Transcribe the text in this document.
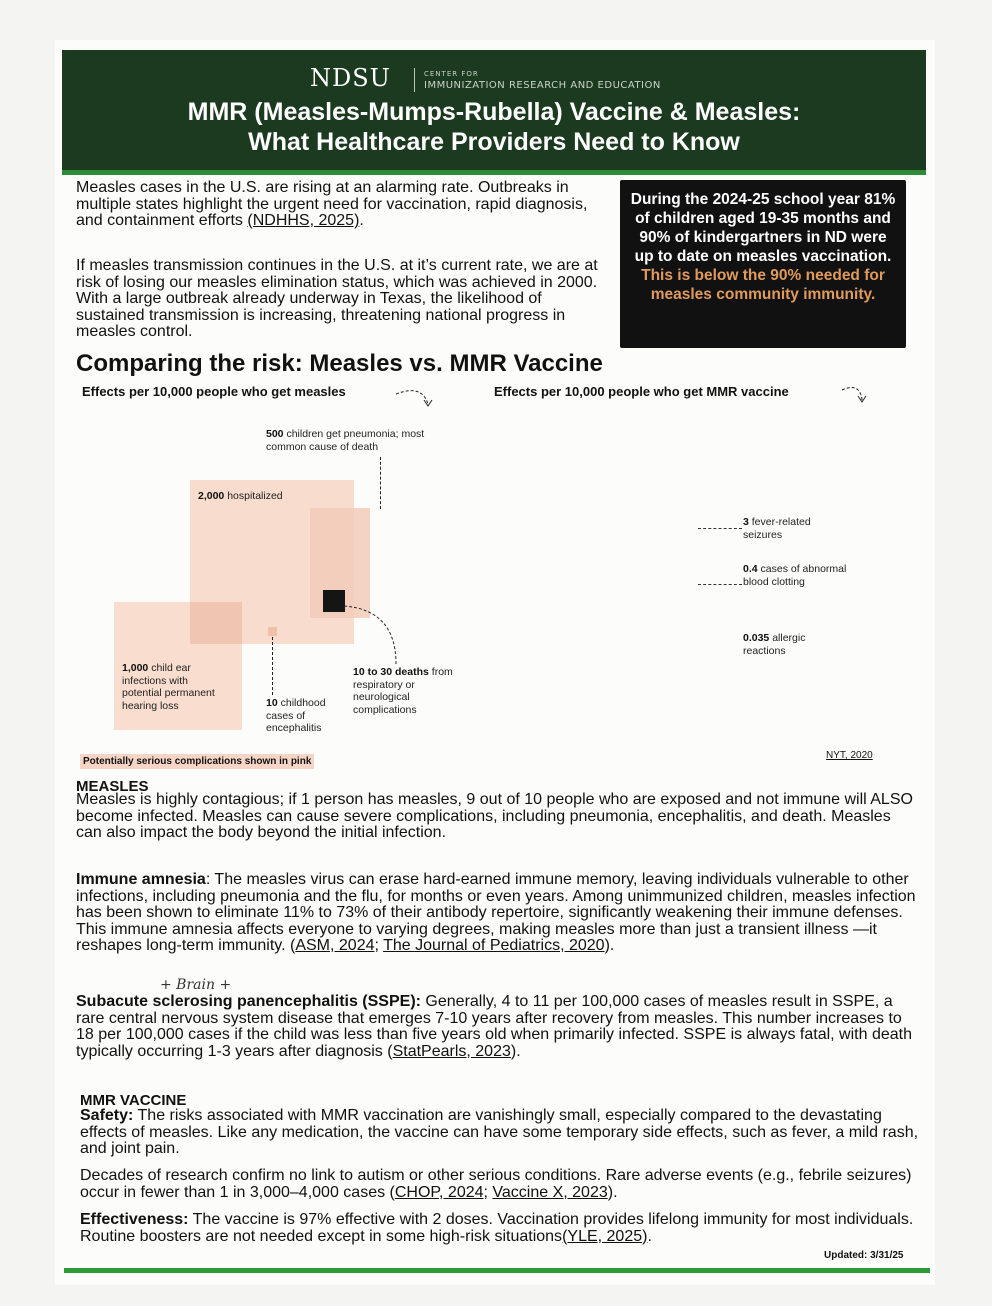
NDSU	CENTER FOR
IMMUNIZATION RESEARCH AND EDUCATION
MMR (Measles-Mumps-Rubella) Vaccine & Measles:
What Healthcare Providers Need to Know

Measles cases in the U.S. are rising at an alarming rate. Outbreaks in multiple states highlight the urgent need for vaccination, rapid diagnosis, and containment efforts (NDHHS, 2025).

If measles transmission continues in the U.S. at it’s current rate, we are at risk of losing our measles elimination status, which was achieved in 2000. With a large outbreak already underway in Texas, the likelihood of sustained transmission is increasing, threatening national progress in measles control.

During the 2024-25 school year 81% of children aged 19-35 months and 90% of kindergartners in ND were up to date on measles vaccination. This is below the 90% needed for measles community immunity.

Comparing the risk: Measles vs. MMR Vaccine
Effects per 10,000 people who get measles	Effects per 10,000 people who get MMR vaccine
500 children get pneumonia; most common cause of death
2,000 hospitalized
1,000 child ear infections with potential permanent hearing loss	10 childhood cases of encephalitis
10 to 30 deaths from respiratory or neurological complications
3 fever-related seizures
0.4 cases of abnormal blood clotting
0.035 allergic reactions
Potentially serious complications shown in pink
NYT, 2020
MEASLES

Measles is highly contagious; if 1 person has measles, 9 out of 10 people who are exposed and not immune will ALSO become infected. Measles can cause severe complications, including pneumonia, encephalitis, and death. Measles can also impact the body beyond the initial infection.

Immune amnesia: The measles virus can erase hard-earned immune memory, leaving individuals vulnerable to other infections, including pneumonia and the flu, for months or even years. Among unimmunized children, measles infection has been shown to eliminate 11% to 73% of their antibody repertoire, significantly weakening their immune defenses. This immune amnesia affects everyone to varying degrees, making measles more than just a transient illness —it reshapes long-term immunity. (ASM, 2024; The Journal of Pediatrics, 2020).

+ Brain +

Subacute sclerosing panencephalitis (SSPE): Generally, 4 to 11 per 100,000 cases of measles result in SSPE, a rare central nervous system disease that emerges 7-10 years after recovery from measles. This number increases to 18 per 100,000 cases if the child was less than five years old when primarily infected. SSPE is always fatal, with death typically occurring 1-3 years after diagnosis (StatPearls, 2023).

MMR VACCINE

Safety: The risks associated with MMR vaccination are vanishingly small, especially compared to the devastating effects of measles. Like any medication, the vaccine can have some temporary side effects, such as fever, a mild rash, and joint pain.

Decades of research confirm no link to autism or other serious conditions. Rare adverse events (e.g., febrile seizures) occur in fewer than 1 in 3,000–4,000 cases (CHOP, 2024; Vaccine X, 2023).

Effectiveness: The vaccine is 97% effective with 2 doses. Vaccination provides lifelong immunity for most individuals. Routine boosters are not needed except in some high-risk situations(YLE, 2025).

Updated: 3/31/25
